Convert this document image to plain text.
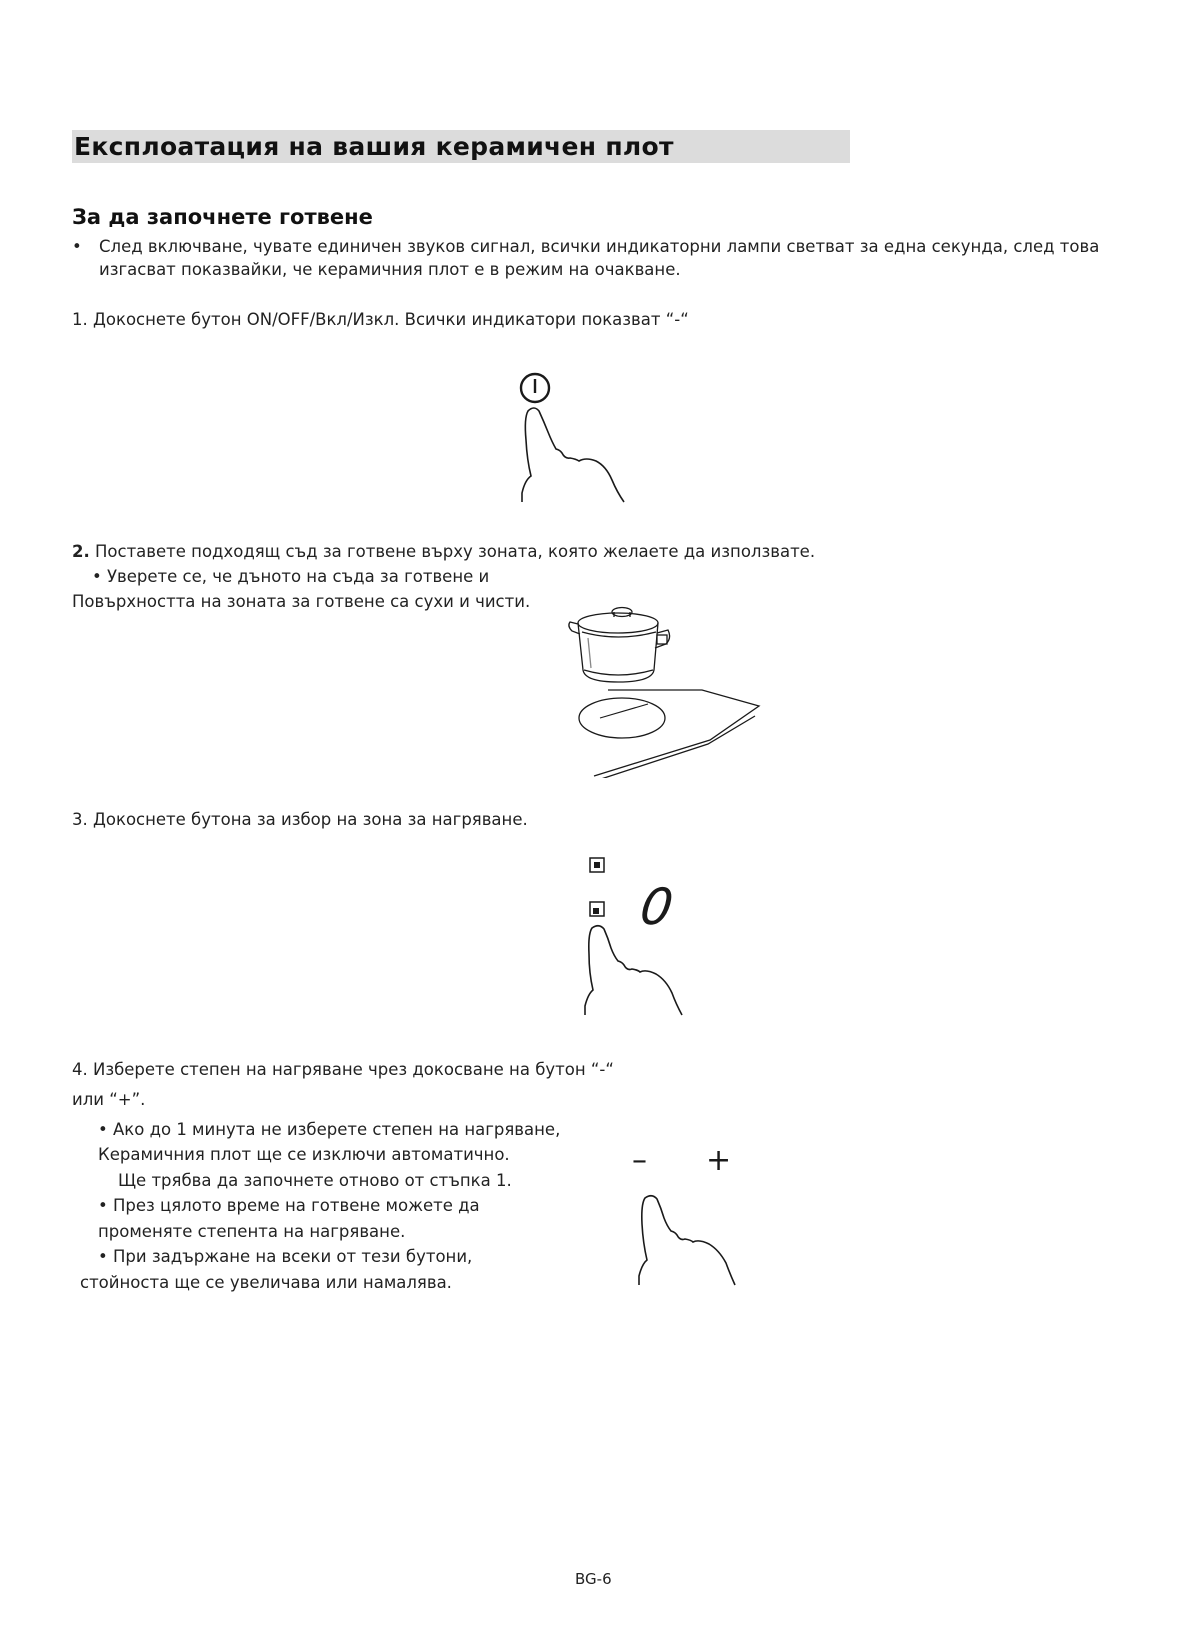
Експлоатация на вашия керамичен плот
За да започнете готвене
• След включване, чувате единичен звуков сигнал, всички индикаторни лампи светват за една секунда, след това
изгасват показвайки, че керамичния плот е в режим на очакване.
1. Докоснете бутон ON/OFF/Вкл/Изкл. Всички индикатори показват “-“
2. Поставете подходящ съд за готвене върху зоната, която желаете да използвате.
• Уверете се, че дъното на съда за готвене и
Повърхността на зоната за готвене са сухи и чисти.
3. Докоснете бутона за избор на зона за нагряване.
0
4. Изберете степен на нагряване чрез докосване на бутон “-“
или “+”.
• Ако до 1 минута не изберете степен на нагряване,
Керамичния плот ще се изключи автоматично.
Ще трябва да започнете отново от стъпка 1.
• През цялото време на готвене можете да
променяте степента на нагряване.
• При задържане на всеки от тези бутони,
стойноста ще се увеличава или намалява.
– +
BG-6
